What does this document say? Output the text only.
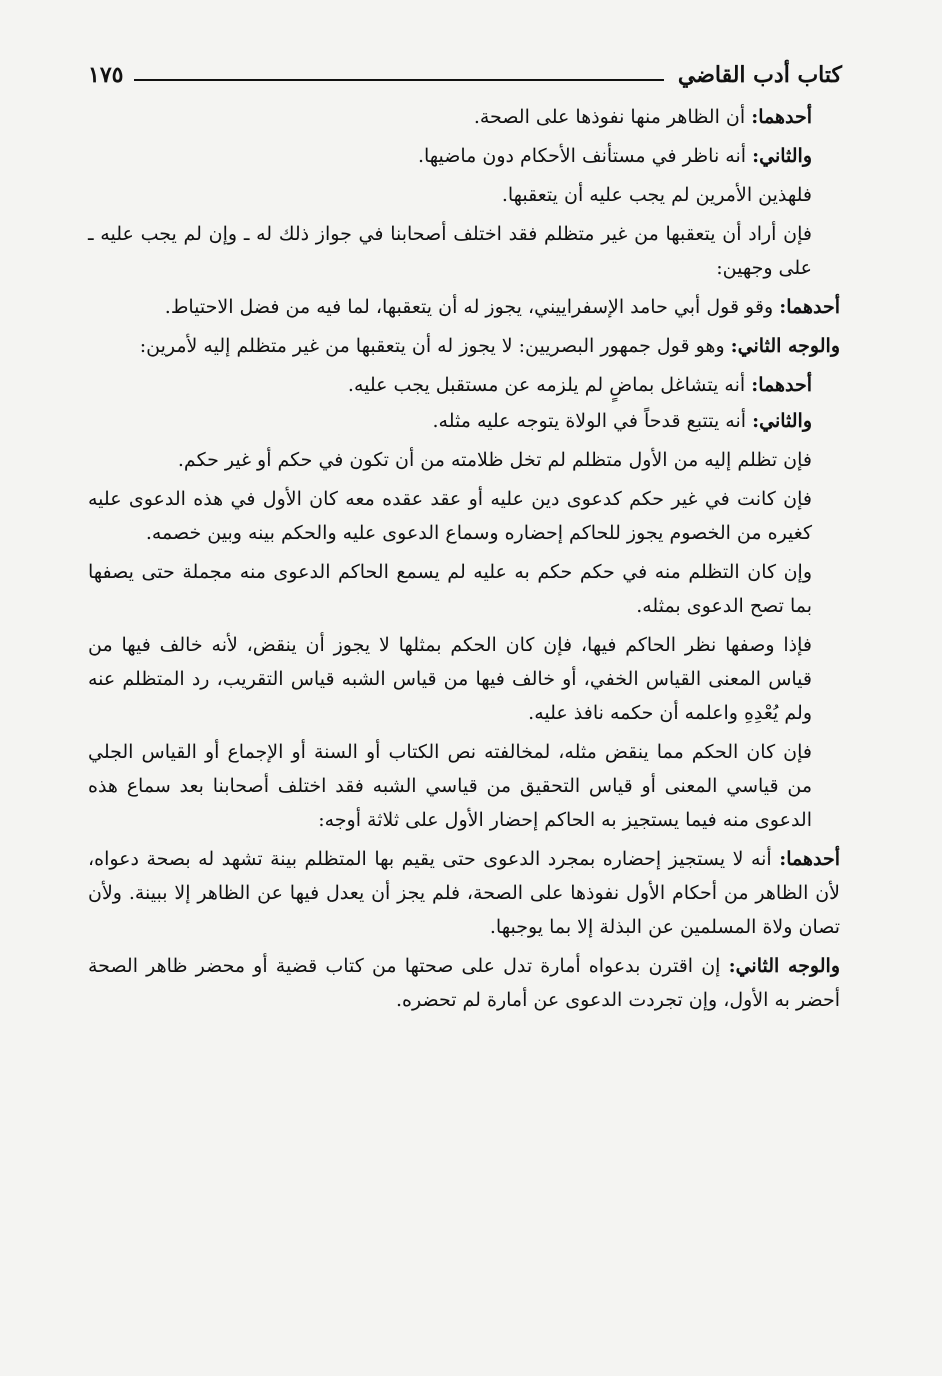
كتاب أدب القاضي
١٧٥

أحدهما: أن الظاهر منها نفوذها على الصحة.

والثاني: أنه ناظر في مستأنف الأحكام دون ماضيها.

فلهذين الأمرين لم يجب عليه أن يتعقبها.

فإن أراد أن يتعقبها من غير متظلم فقد اختلف أصحابنا في جواز ذلك له ـ وإن لم يجب عليه ـ على وجهين:

أحدهما: وقو قول أبي حامد الإسفراييني، يجوز له أن يتعقبها، لما فيه من فضل الاحتياط.

والوجه الثاني: وهو قول جمهور البصريين: لا يجوز له أن يتعقبها من غير متظلم إليه لأمرين:

أحدهما: أنه يتشاغل بماضٍ لم يلزمه عن مستقبل يجب عليه.

والثاني: أنه يتتبع قدحاً في الولاة يتوجه عليه مثله.

فإن تظلم إليه من الأول متظلم لم تخل ظلامته من أن تكون في حكم أو غير حكم.

فإن كانت في غير حكم كدعوى دين عليه أو عقد عقده معه كان الأول في هذه الدعوى عليه كغيره من الخصوم يجوز للحاكم إحضاره وسماع الدعوى عليه والحكم بينه وبين خصمه.

وإن كان التظلم منه في حكم حكم به عليه لم يسمع الحاكم الدعوى منه مجملة حتى يصفها بما تصح الدعوى بمثله.

فإذا وصفها نظر الحاكم فيها، فإن كان الحكم بمثلها لا يجوز أن ينقض، لأنه خالف فيها من قياس المعنى القياس الخفي، أو خالف فيها من قياس الشبه قياس التقريب، رد المتظلم عنه ولم يُعْدِهِ واعلمه أن حكمه نافذ عليه.

فإن كان الحكم مما ينقض مثله، لمخالفته نص الكتاب أو السنة أو الإجماع أو القياس الجلي من قياسي المعنى أو قياس التحقيق من قياسي الشبه فقد اختلف أصحابنا بعد سماع هذه الدعوى منه فيما يستجيز به الحاكم إحضار الأول على ثلاثة أوجه:

أحدهما: أنه لا يستجيز إحضاره بمجرد الدعوى حتى يقيم بها المتظلم بينة تشهد له بصحة دعواه، لأن الظاهر من أحكام الأول نفوذها على الصحة، فلم يجز أن يعدل فيها عن الظاهر إلا ببينة. ولأن تصان ولاة المسلمين عن البذلة إلا بما يوجبها.

والوجه الثاني: إن اقترن بدعواه أمارة تدل على صحتها من كتاب قضية أو محضر ظاهر الصحة أحضر به الأول، وإن تجردت الدعوى عن أمارة لم تحضره.
